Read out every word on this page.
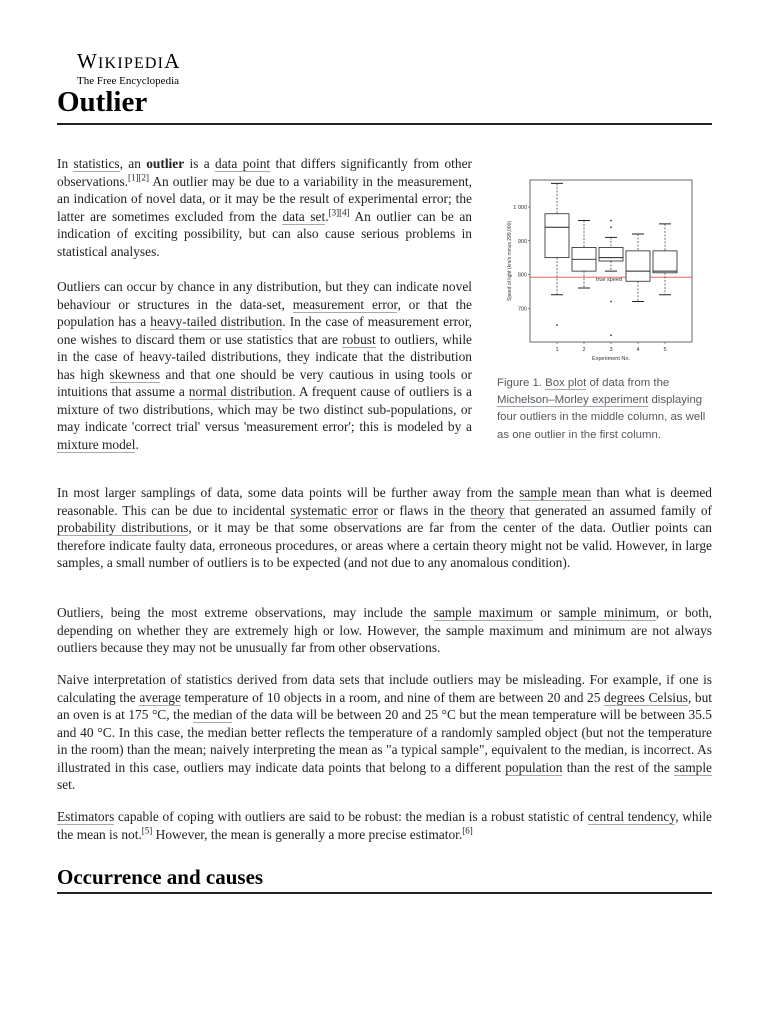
WIKIPEDIA
The Free Encyclopedia
Outlier

In statistics, an outlier is a data point that differs significantly from other observations.[1][2] An outlier may be due to a variability in the measurement, an indication of novel data, or it may be the result of experimental error; the latter are sometimes excluded from the data set.[3][4] An outlier can be an indication of exciting possibility, but can also cause serious problems in statistical analyses.

Outliers can occur by chance in any distribution, but they can indicate novel behaviour or structures in the data-set, measurement error, or that the population has a heavy-tailed distribution. In the case of measurement error, one wishes to discard them or use statistics that are robust to outliers, while in the case of heavy-tailed distributions, they indicate that the distribution has high skewness and that one should be very cautious in using tools or intuitions that assume a normal distribution. A frequent cause of outliers is a mixture of two distributions, which may be two distinct sub-populations, or may indicate 'correct trial' versus 'measurement error'; this is modeled by a mixture model.

true speed
1 000
900
800
700
1	2	3	4	5
Experiment No.
Speed of light (km/s minus 299,000)
Figure 1. Box plot of data from the Michelson–Morley experiment displaying four outliers in the middle column, as well as one outlier in the first column.

In most larger samplings of data, some data points will be further away from the sample mean than what is deemed reasonable. This can be due to incidental systematic error or flaws in the theory that generated an assumed family of probability distributions, or it may be that some observations are far from the center of the data. Outlier points can therefore indicate faulty data, erroneous procedures, or areas where a certain theory might not be valid. However, in large samples, a small number of outliers is to be expected (and not due to any anomalous condition).

Outliers, being the most extreme observations, may include the sample maximum or sample minimum, or both, depending on whether they are extremely high or low. However, the sample maximum and minimum are not always outliers because they may not be unusually far from other observations.

Naive interpretation of statistics derived from data sets that include outliers may be misleading. For example, if one is calculating the average temperature of 10 objects in a room, and nine of them are between 20 and 25 degrees Celsius, but an oven is at 175 °C, the median of the data will be between 20 and 25 °C but the mean temperature will be between 35.5 and 40 °C. In this case, the median better reflects the temperature of a randomly sampled object (but not the temperature in the room) than the mean; naively interpreting the mean as "a typical sample", equivalent to the median, is incorrect. As illustrated in this case, outliers may indicate data points that belong to a different population than the rest of the sample set.

Estimators capable of coping with outliers are said to be robust: the median is a robust statistic of central tendency, while the mean is not.[5] However, the mean is generally a more precise estimator.[6]

Occurrence and causes
